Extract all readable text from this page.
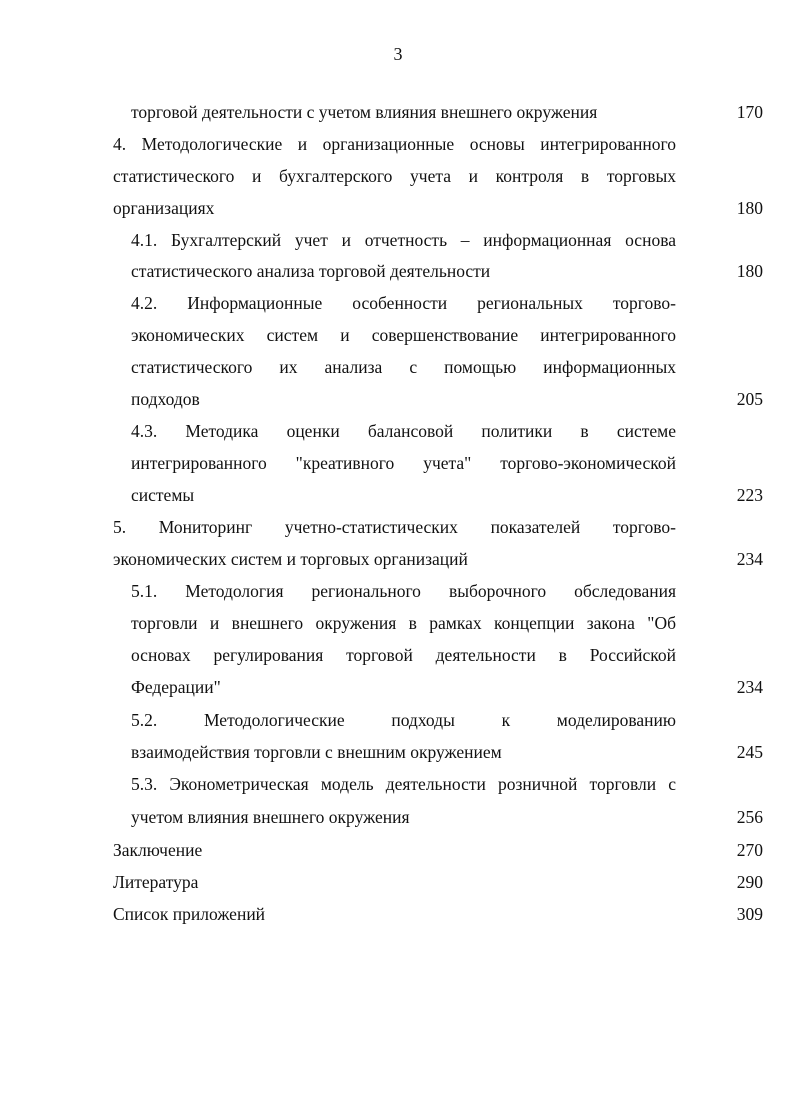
3
торговой деятельности с учетом влияния внешнего окружения	170
4. Методологические и организационные основы интегрированного
статистического и бухгалтерского учета и контроля в торговых
организациях	180
4.1. Бухгалтерский учет и отчетность – информационная основа
статистического анализа торговой деятельности	180
4.2. Информационные особенности региональных торгово-
экономических систем и совершенствование интегрированного
статистического их анализа с помощью информационных
подходов	205
4.3. Методика оценки балансовой политики в системе
интегрированного "креативного учета" торгово-экономической
системы	223
5. Мониторинг учетно-статистических показателей торгово-
экономических систем и торговых организаций	234
5.1. Методология регионального выборочного обследования
торговли и внешнего окружения в рамках концепции закона "Об
основах регулирования торговой деятельности в Российской
Федерации"	234
5.2. Методологические подходы к моделированию
взаимодействия торговли с внешним окружением	245
5.3. Эконометрическая модель деятельности розничной торговли с
учетом влияния внешнего окружения	256
Заключение	270
Литература	290
Список приложений	309
